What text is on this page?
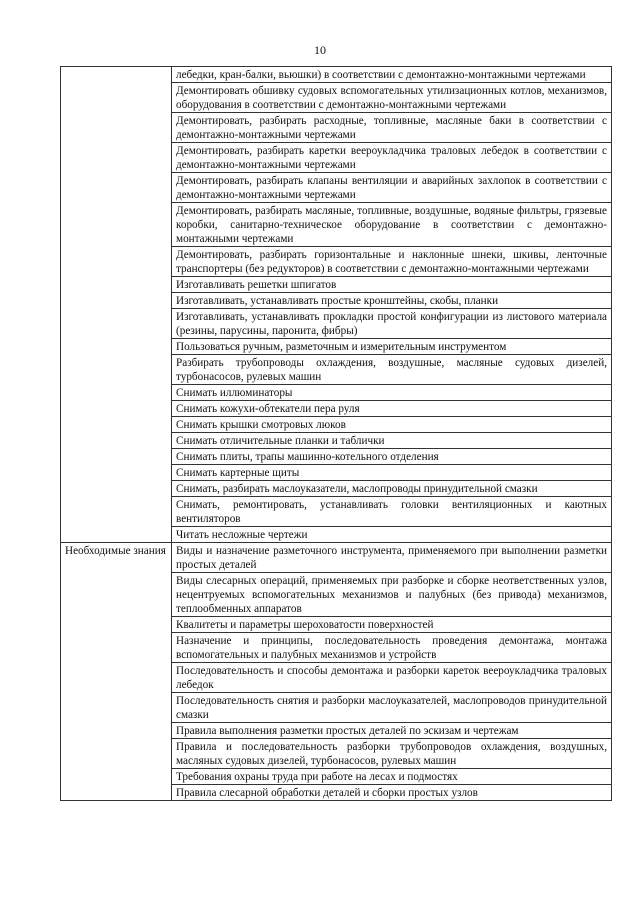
10
	лебедки, кран-балки, вьюшки) в соответствии с демонтажно-монтажными чертежами
	Демонтировать обшивку судовых вспомогательных утилизационных котлов, механизмов, оборудования в соответствии с демонтажно-монтажными чертежами
	Демонтировать, разбирать расходные, топливные, масляные баки в соответствии с демонтажно-монтажными чертежами
	Демонтировать, разбирать каретки веероукладчика траловых лебедок в соответствии с демонтажно-монтажными чертежами
	Демонтировать, разбирать клапаны вентиляции и аварийных захлопок в соответствии с демонтажно-монтажными чертежами
	Демонтировать, разбирать масляные, топливные, воздушные, водяные фильтры, грязевые коробки, санитарно-техническое оборудование в соответствии с демонтажно-монтажными чертежами
	Демонтировать, разбирать горизонтальные и наклонные шнеки, шкивы, ленточные транспортеры (без редукторов) в соответствии с демонтажно-монтажными чертежами
	Изготавливать решетки шпигатов
	Изготавливать, устанавливать простые кронштейны, скобы, планки
	Изготавливать, устанавливать прокладки простой конфигурации из листового материала (резины, парусины, паронита, фибры)
	Пользоваться ручным, разметочным и измерительным инструментом
	Разбирать трубопроводы охлаждения, воздушные, масляные судовых дизелей, турбонасосов, рулевых машин
	Снимать иллюминаторы
	Снимать кожухи-обтекатели пера руля
	Снимать крышки смотровых люков
	Снимать отличительные планки и таблички
	Снимать плиты, трапы машинно-котельного отделения
	Снимать картерные щиты
	Снимать, разбирать маслоуказатели, маслопроводы принудительной смазки
	Снимать, ремонтировать, устанавливать головки вентиляционных и каютных вентиляторов
	Читать несложные чертежи
Необходимые знания	Виды и назначение разметочного инструмента, применяемого при выполнении разметки простых деталей
	Виды слесарных операций, применяемых при разборке и сборке неответственных узлов, нецентруемых вспомогательных механизмов и палубных (без привода) механизмов, теплообменных аппаратов
	Квалитеты и параметры шероховатости поверхностей
	Назначение и принципы, последовательность проведения демонтажа, монтажа вспомогательных и палубных механизмов и устройств
	Последовательность и способы демонтажа и разборки кареток веероукладчика траловых лебедок
	Последовательность снятия и разборки маслоуказателей, маслопроводов принудительной смазки
	Правила выполнения разметки простых деталей по эскизам и чертежам
	Правила и последовательность разборки трубопроводов охлаждения, воздушных, масляных судовых дизелей, турбонасосов, рулевых машин
	Требования охраны труда при работе на лесах и подмостях
	Правила слесарной обработки деталей и сборки простых узлов
